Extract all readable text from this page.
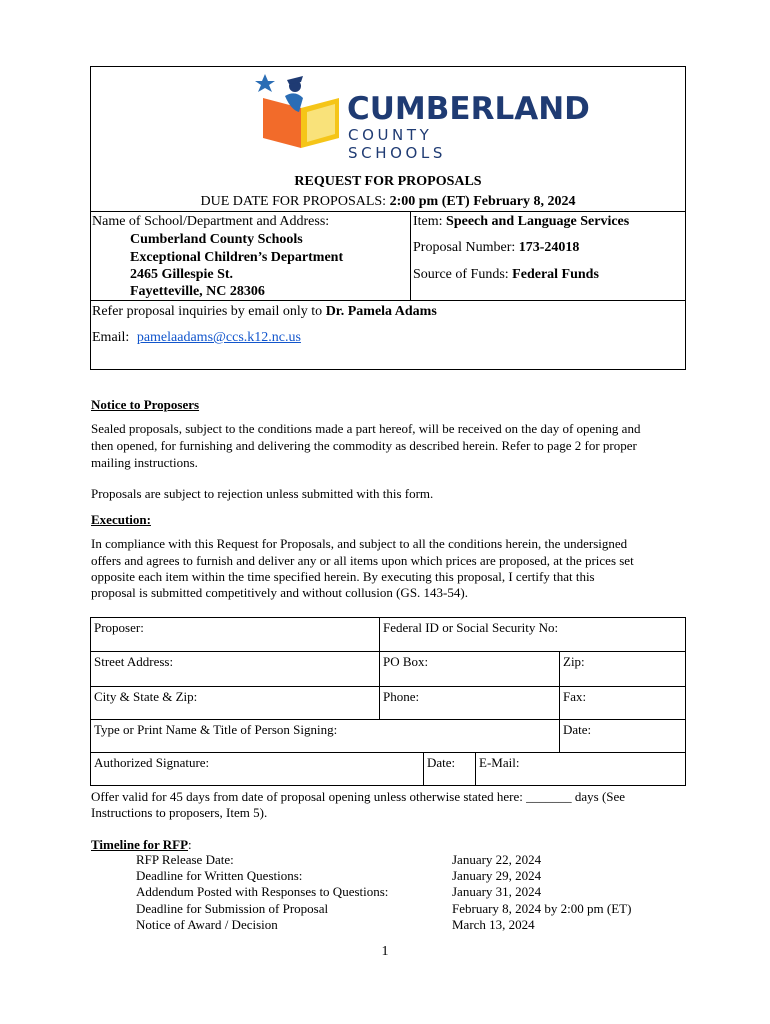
CUMBERLAND
COUNTY SCHOOLS
REQUEST FOR PROPOSALS
DUE DATE FOR PROPOSALS: 2:00 pm (ET) February 8, 2024
Name of School/Department and Address:
Cumberland County Schools
Exceptional Children’s Department
2465 Gillespie St.
Fayetteville, NC 28306
Item: Speech and Language Services
Proposal Number: 173-24018
Source of Funds: Federal Funds
Refer proposal inquiries by email only to Dr. Pamela Adams
Email: pamelaadams@ccs.k12.nc.us
Notice to Proposers
Sealed proposals, subject to the conditions made a part hereof, will be received on the day of opening and
then opened, for furnishing and delivering the commodity as described herein. Refer to page 2 for proper
mailing instructions.
Proposals are subject to rejection unless submitted with this form.
Execution:
In compliance with this Request for Proposals, and subject to all the conditions herein, the undersigned
offers and agrees to furnish and deliver any or all items upon which prices are proposed, at the prices set
opposite each item within the time specified herein. By executing this proposal, I certify that this
proposal is submitted competitively and without collusion (GS. 143-54).
Proposer:	Federal ID or Social Security No:
Street Address:	PO Box:	Zip:
City & State & Zip:	Phone:	Fax:
Type or Print Name & Title of Person Signing:	Date:
Authorized Signature:	Date:	E-Mail:
Offer valid for 45 days from date of proposal opening unless otherwise stated here: _______ days (See
Instructions to proposers, Item 5).
Timeline for RFP:
RFP Release Date:	January 22, 2024
Deadline for Written Questions:	January 29, 2024
Addendum Posted with Responses to Questions:	January 31, 2024
Deadline for Submission of Proposal	February 8, 2024 by 2:00 pm (ET)
Notice of Award / Decision	March 13, 2024
1
